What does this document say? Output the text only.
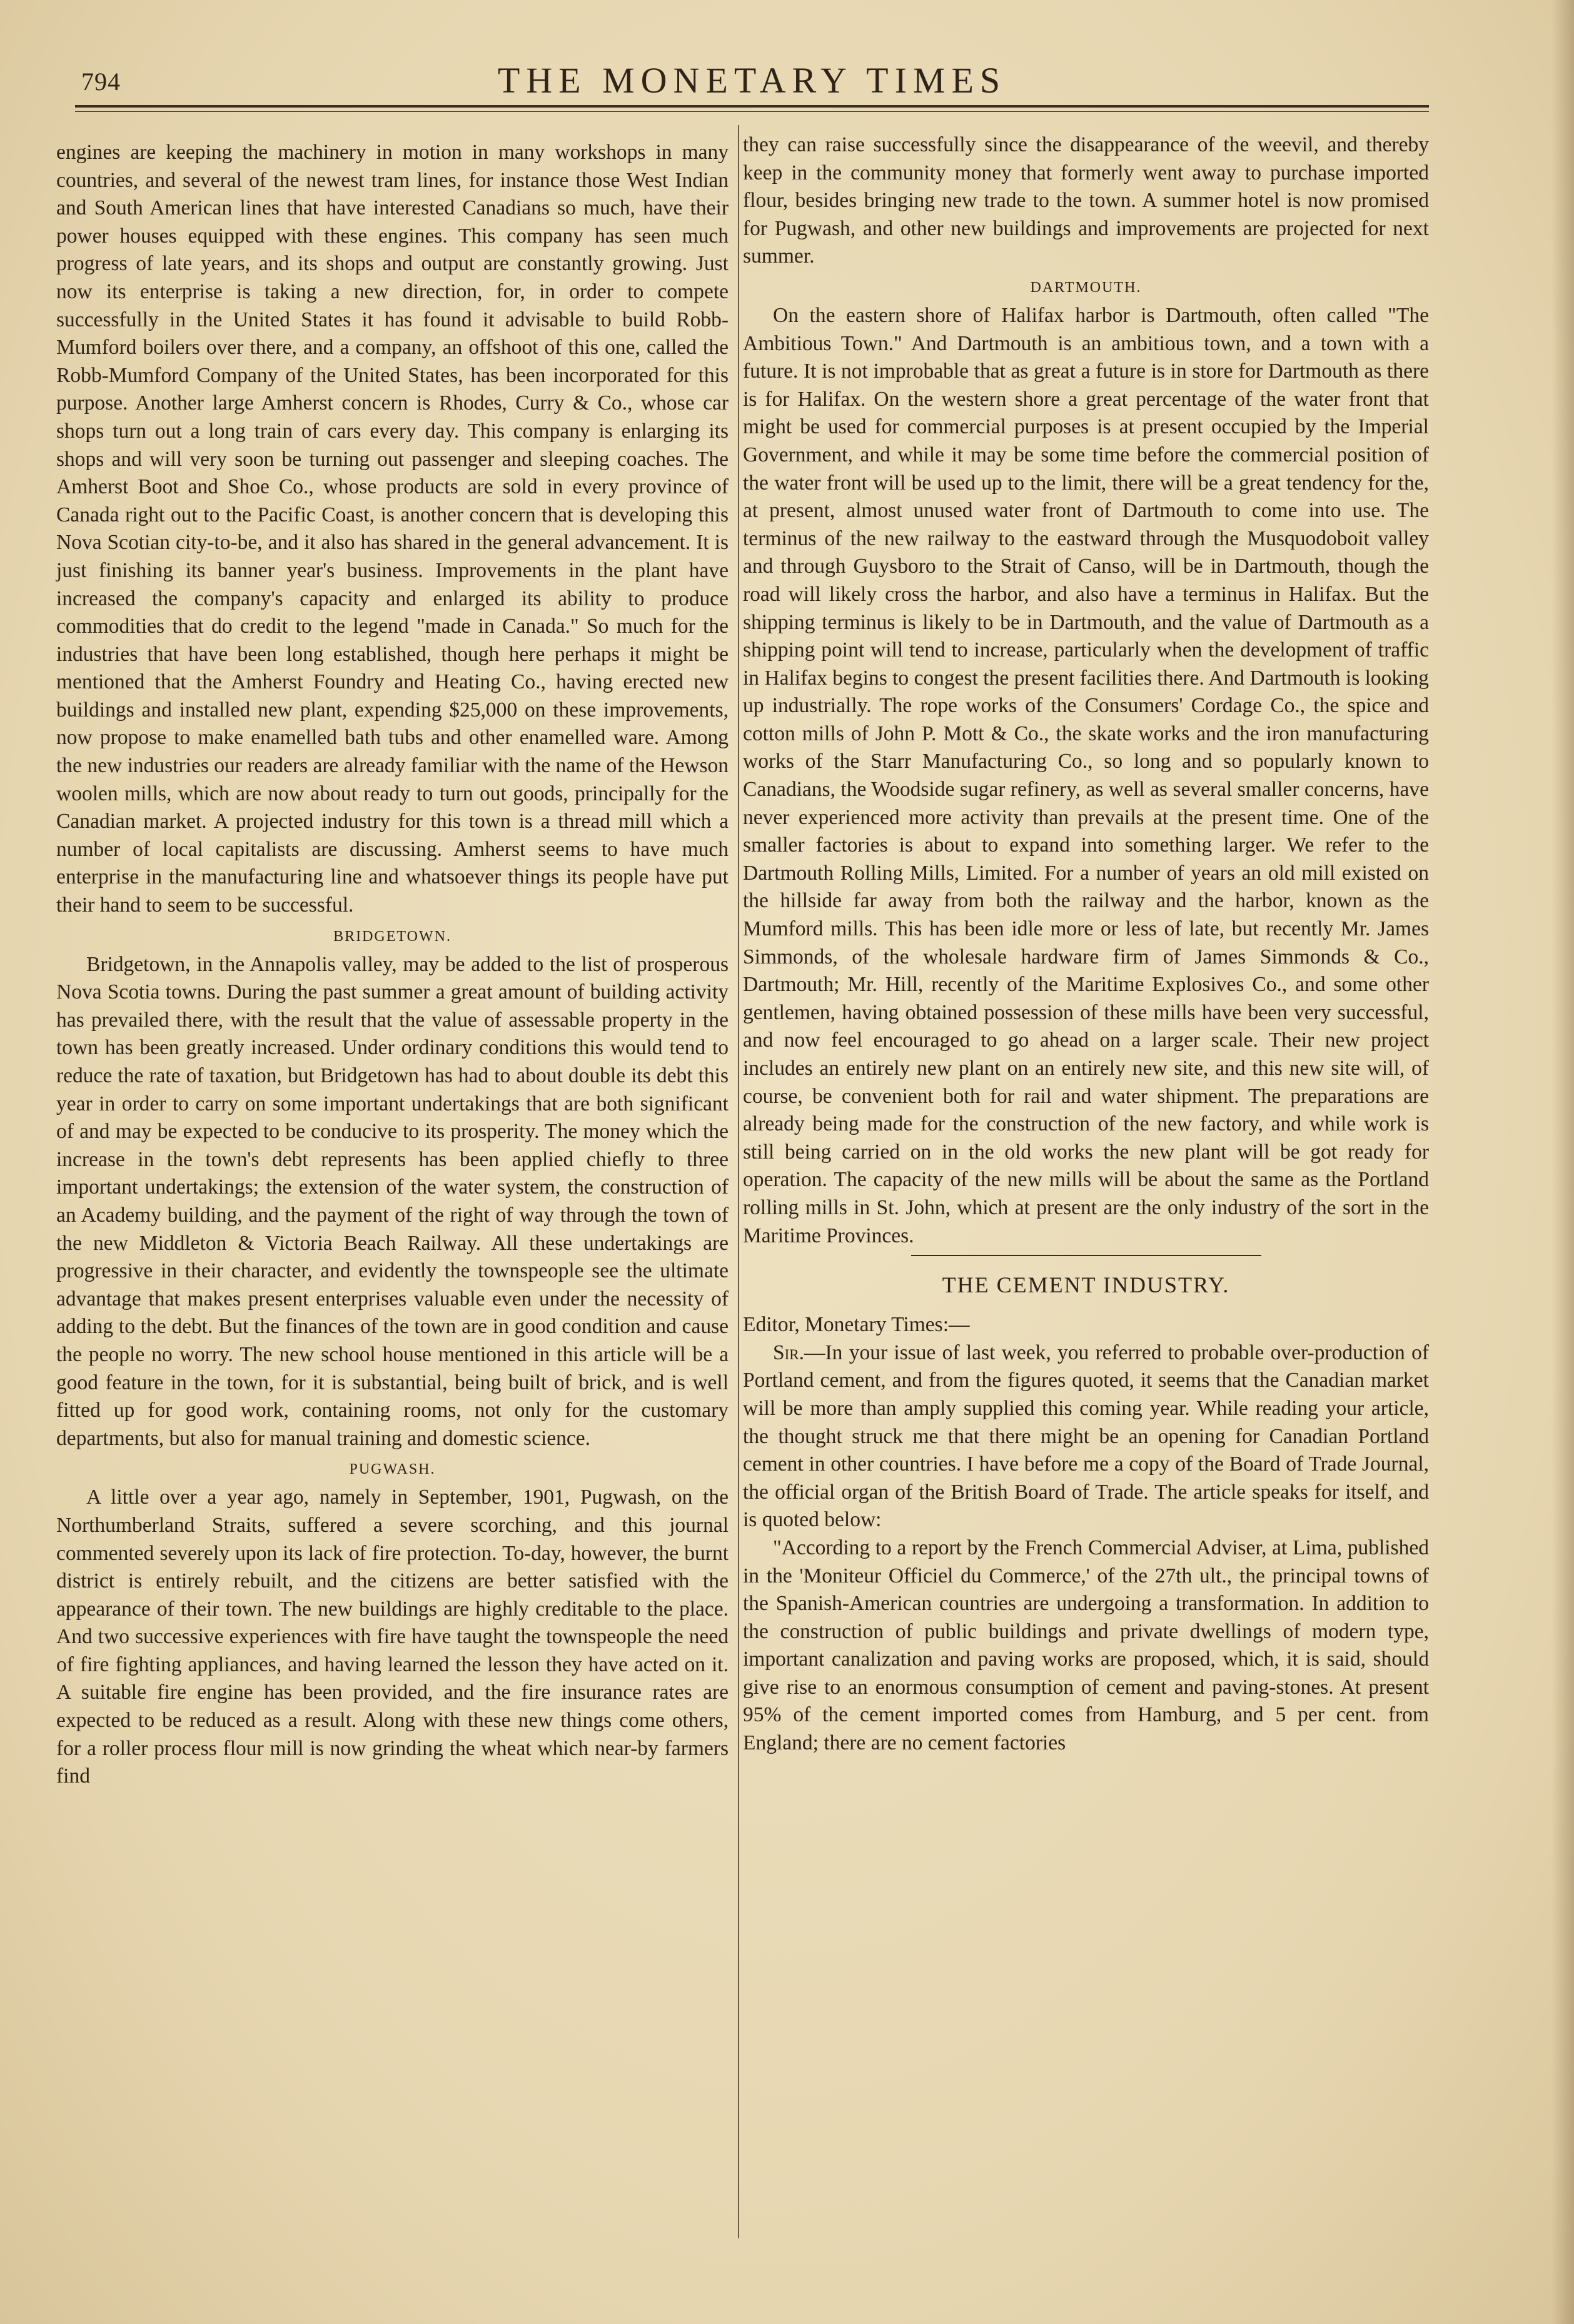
794	THE MONETARY TIMES

engines are keeping the machinery in motion in many workshops in many countries, and several of the newest tram lines, for instance those West Indian and South American lines that have interested Canadians so much, have their power houses equipped with these engines. This company has seen much progress of late years, and its shops and output are constantly growing. Just now its enterprise is taking a new direction, for, in order to compete successfully in the United States it has found it advisable to build Robb-Mumford boilers over there, and a company, an offshoot of this one, called the Robb-Mumford Company of the United States, has been incorporated for this purpose. Another large Amherst concern is Rhodes, Curry & Co., whose car shops turn out a long train of cars every day. This company is enlarging its shops and will very soon be turning out passenger and sleeping coaches. The Amherst Boot and Shoe Co., whose products are sold in every province of Canada right out to the Pacific Coast, is another concern that is developing this Nova Scotian city-to-be, and it also has shared in the general advancement. It is just finishing its banner year's business. Improvements in the plant have increased the company's capacity and enlarged its ability to produce commodities that do credit to the legend "made in Canada." So much for the industries that have been long established, though here perhaps it might be mentioned that the Amherst Foundry and Heating Co., having erected new buildings and installed new plant, expending $25,000 on these improvements, now propose to make enamelled bath tubs and other enamelled ware. Among the new industries our readers are already familiar with the name of the Hewson woolen mills, which are now about ready to turn out goods, principally for the Canadian market. A projected industry for this town is a thread mill which a number of local capitalists are discussing. Amherst seems to have much enterprise in the manufacturing line and whatsoever things its people have put their hand to seem to be successful.

BRIDGETOWN.

Bridgetown, in the Annapolis valley, may be added to the list of prosperous Nova Scotia towns. During the past summer a great amount of building activity has prevailed there, with the result that the value of assessable property in the town has been greatly increased. Under ordinary conditions this would tend to reduce the rate of taxation, but Bridgetown has had to about double its debt this year in order to carry on some important undertakings that are both significant of and may be expected to be conducive to its prosperity. The money which the increase in the town's debt represents has been applied chiefly to three important undertakings; the extension of the water system, the construction of an Academy building, and the payment of the right of way through the town of the new Middleton & Victoria Beach Railway. All these undertakings are progressive in their character, and evidently the townspeople see the ultimate advantage that makes present enterprises valuable even under the necessity of adding to the debt. But the finances of the town are in good condition and cause the people no worry. The new school house mentioned in this article will be a good feature in the town, for it is substantial, being built of brick, and is well fitted up for good work, containing rooms, not only for the customary departments, but also for manual training and domestic science.

PUGWASH.

A little over a year ago, namely in September, 1901, Pugwash, on the Northumberland Straits, suffered a severe scorching, and this journal commented severely upon its lack of fire protection. To-day, however, the burnt district is entirely rebuilt, and the citizens are better satisfied with the appearance of their town. The new buildings are highly creditable to the place. And two successive experiences with fire have taught the townspeople the need of fire fighting appliances, and having learned the lesson they have acted on it. A suitable fire engine has been provided, and the fire insurance rates are expected to be reduced as a result. Along with these new things come others, for a roller process flour mill is now grinding the wheat which near-by farmers find

they can raise successfully since the disappearance of the weevil, and thereby keep in the community money that formerly went away to purchase imported flour, besides bringing new trade to the town. A summer hotel is now promised for Pugwash, and other new buildings and improvements are projected for next summer.

DARTMOUTH.

On the eastern shore of Halifax harbor is Dartmouth, often called "The Ambitious Town." And Dartmouth is an ambitious town, and a town with a future. It is not improbable that as great a future is in store for Dartmouth as there is for Halifax. On the western shore a great percentage of the water front that might be used for commercial purposes is at present occupied by the Imperial Government, and while it may be some time before the commercial position of the water front will be used up to the limit, there will be a great tendency for the, at present, almost unused water front of Dartmouth to come into use. The terminus of the new railway to the eastward through the Musquodoboit valley and through Guysboro to the Strait of Canso, will be in Dartmouth, though the road will likely cross the harbor, and also have a terminus in Halifax. But the shipping terminus is likely to be in Dartmouth, and the value of Dartmouth as a shipping point will tend to increase, particularly when the development of traffic in Halifax begins to congest the present facilities there. And Dartmouth is looking up industrially. The rope works of the Consumers' Cordage Co., the spice and cotton mills of John P. Mott & Co., the skate works and the iron manufacturing works of the Starr Manufacturing Co., so long and so popularly known to Canadians, the Woodside sugar refinery, as well as several smaller concerns, have never experienced more activity than prevails at the present time. One of the smaller factories is about to expand into something larger. We refer to the Dartmouth Rolling Mills, Limited. For a number of years an old mill existed on the hillside far away from both the railway and the harbor, known as the Mumford mills. This has been idle more or less of late, but recently Mr. James Simmonds, of the wholesale hardware firm of James Simmonds & Co., Dartmouth; Mr. Hill, recently of the Maritime Explosives Co., and some other gentlemen, having obtained possession of these mills have been very successful, and now feel encouraged to go ahead on a larger scale. Their new project includes an entirely new plant on an entirely new site, and this new site will, of course, be convenient both for rail and water shipment. The preparations are already being made for the construction of the new factory, and while work is still being carried on in the old works the new plant will be got ready for operation. The capacity of the new mills will be about the same as the Portland rolling mills in St. John, which at present are the only industry of the sort in the Maritime Provinces.

THE CEMENT INDUSTRY.

Editor, Monetary Times:—

Sir.—In your issue of last week, you referred to probable over-production of Portland cement, and from the figures quoted, it seems that the Canadian market will be more than amply supplied this coming year. While reading your article, the thought struck me that there might be an opening for Canadian Portland cement in other countries. I have before me a copy of the Board of Trade Journal, the official organ of the British Board of Trade. The article speaks for itself, and is quoted below:

"According to a report by the French Commercial Adviser, at Lima, published in the 'Moniteur Officiel du Commerce,' of the 27th ult., the principal towns of the Spanish-American countries are undergoing a transformation. In addition to the construction of public buildings and private dwellings of modern type, important canalization and paving works are proposed, which, it is said, should give rise to an enormous consumption of cement and paving-stones. At present 95% of the cement imported comes from Hamburg, and 5 per cent. from England; there are no cement factories
